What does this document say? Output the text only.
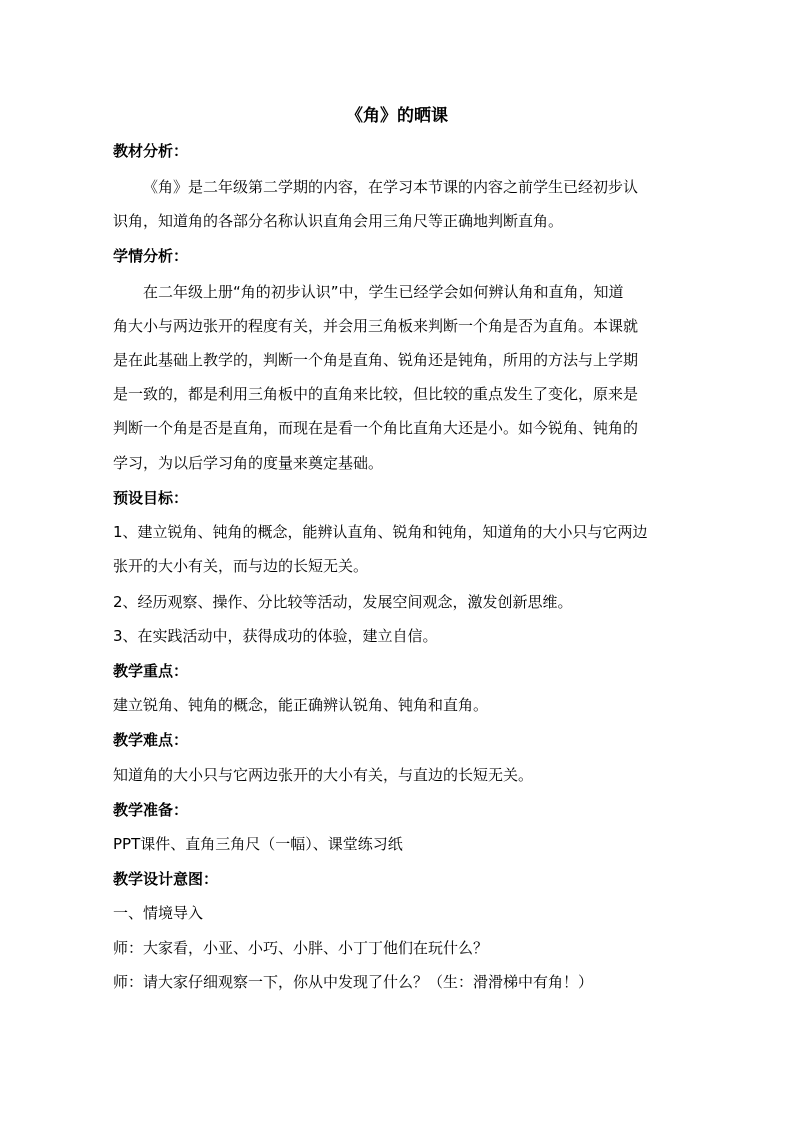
《角》的晒课
教材分析：
《角》是二年级第二学期的内容，在学习本节课的内容之前学生已经初步认
识角，知道角的各部分名称认识直角会用三角尺等正确地判断直角。
学情分析：
在二年级上册“角的初步认识”中，学生已经学会如何辨认角和直角，知道
角大小与两边张开的程度有关，并会用三角板来判断一个角是否为直角。本课就
是在此基础上教学的，判断一个角是直角、锐角还是钝角，所用的方法与上学期
是一致的，都是利用三角板中的直角来比较，但比较的重点发生了变化，原来是
判断一个角是否是直角，而现在是看一个角比直角大还是小。如今锐角、钝角的
学习，为以后学习角的度量来奠定基础。
预设目标：
1、建立锐角、钝角的概念，能辨认直角、锐角和钝角，知道角的大小只与它两边
张开的大小有关，而与边的长短无关。
2、经历观察、操作、分比较等活动，发展空间观念，激发创新思维。
3、在实践活动中，获得成功的体验，建立自信。
教学重点：
建立锐角、钝角的概念，能正确辨认锐角、钝角和直角。
教学难点：
知道角的大小只与它两边张开的大小有关，与直边的长短无关。
教学准备：
PPT课件、直角三角尺（一幅）、课堂练习纸
教学设计意图：
一、情境导入
师：大家看，小亚、小巧、小胖、小丁丁他们在玩什么？
师：请大家仔细观察一下，你从中发现了什么？（生：滑滑梯中有角！）
